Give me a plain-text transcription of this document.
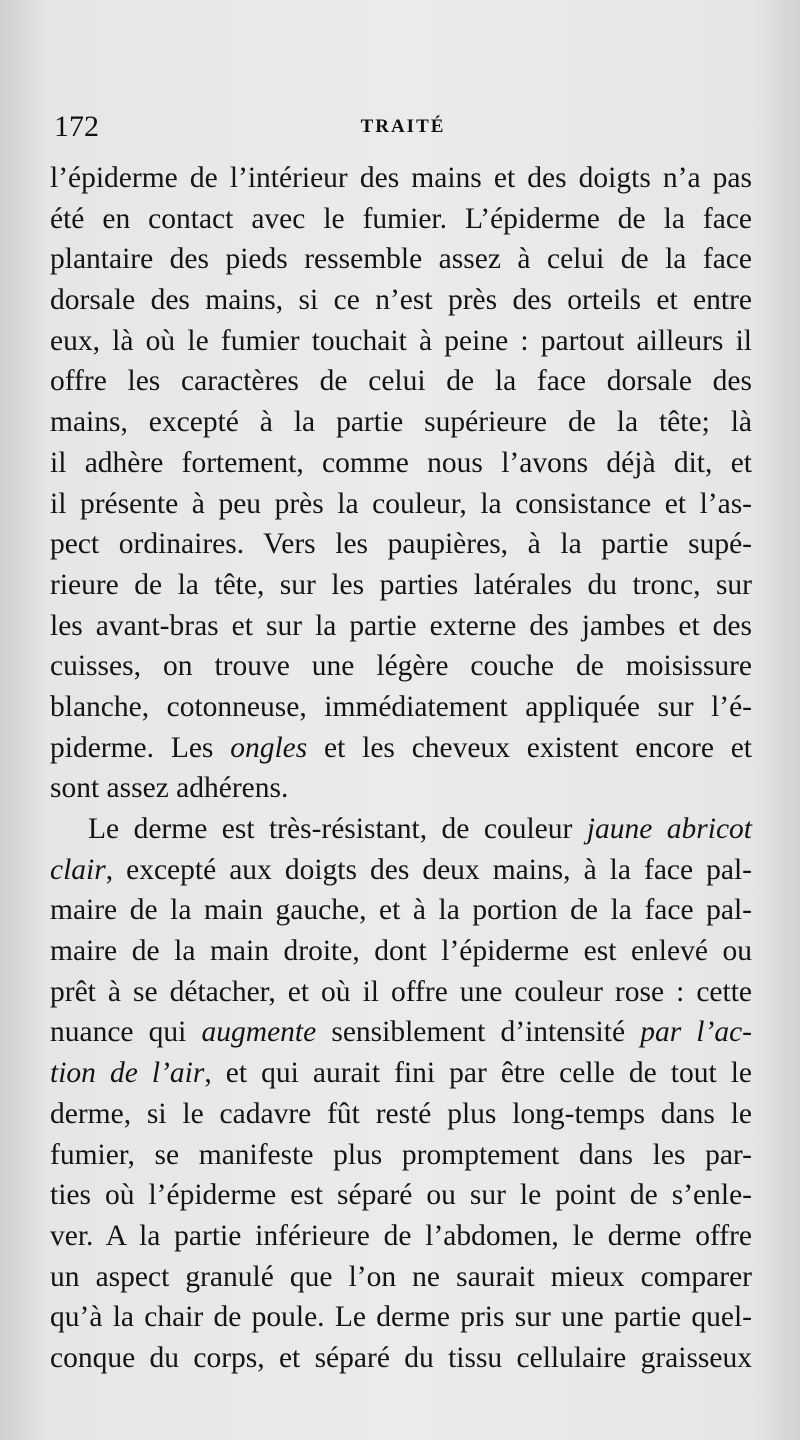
172	TRAITÉ
l’épiderme de l’intérieur des mains et des doigts n’a pas
été en contact avec le fumier. L’épiderme de la face
plantaire des pieds ressemble assez à celui de la face
dorsale des mains, si ce n’est près des orteils et entre
eux, là où le fumier touchait à peine : partout ailleurs il
offre les caractères de celui de la face dorsale des
mains, excepté à la partie supérieure de la tête; là
il adhère fortement, comme nous l’avons déjà dit, et
il présente à peu près la couleur, la consistance et l’as-
pect ordinaires. Vers les paupières, à la partie supé-
rieure de la tête, sur les parties latérales du tronc, sur
les avant-bras et sur la partie externe des jambes et des
cuisses, on trouve une légère couche de moisissure
blanche, cotonneuse, immédiatement appliquée sur l’é-
piderme. Les ongles et les cheveux existent encore et
sont assez adhérens.
Le derme est très-résistant, de couleur jaune abricot
clair, excepté aux doigts des deux mains, à la face pal-
maire de la main gauche, et à la portion de la face pal-
maire de la main droite, dont l’épiderme est enlevé ou
prêt à se détacher, et où il offre une couleur rose : cette
nuance qui augmente sensiblement d’intensité par l’ac-
tion de l’air, et qui aurait fini par être celle de tout le
derme, si le cadavre fût resté plus long-temps dans le
fumier, se manifeste plus promptement dans les par-
ties où l’épiderme est séparé ou sur le point de s’enle-
ver. A la partie inférieure de l’abdomen, le derme offre
un aspect granulé que l’on ne saurait mieux comparer
qu’à la chair de poule. Le derme pris sur une partie quel-
conque du corps, et séparé du tissu cellulaire graisseux
